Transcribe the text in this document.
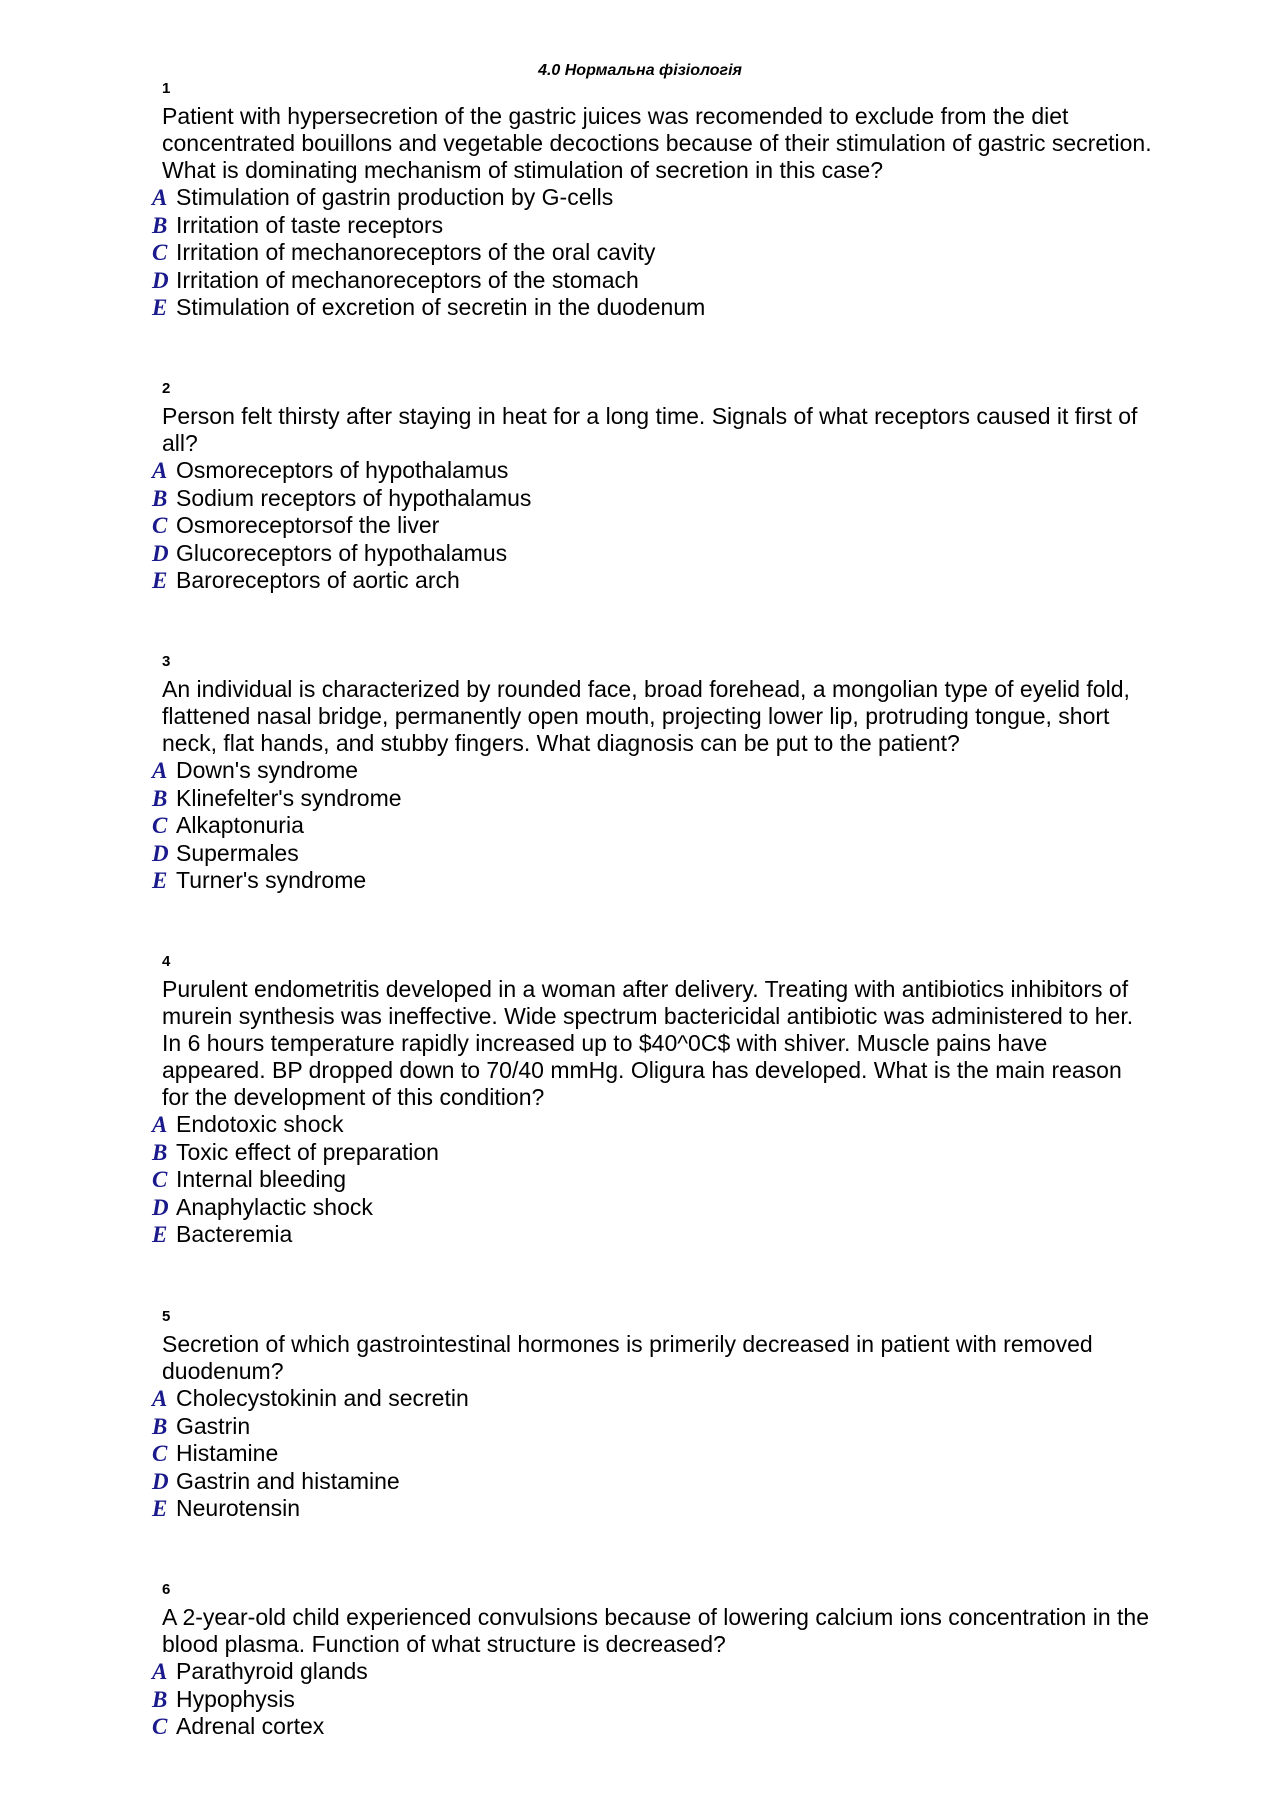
4.0 Нормальна фізіологія
1
Patient with hypersecretion of the gastric juices was recomended to exclude from the diet concentrated bouillons and vegetable decoctions because of their stimulation of gastric secretion. What is dominating mechanism of stimulation of secretion in this case?
A Stimulation of gastrin production by G-cells
B Irritation of taste receptors
C Irritation of mechanoreceptors of the oral cavity
D Irritation of mechanoreceptors of the stomach
E Stimulation of excretion of secretin in the duodenum
2
Person felt thirsty after staying in heat for a long time. Signals of what receptors caused it first of all?
A Osmoreceptors of hypothalamus
B Sodium receptors of hypothalamus
C Osmoreceptorsof the liver
D Glucoreceptors of hypothalamus
E Baroreceptors of aortic arch
3
An individual is characterized by rounded face, broad forehead, a mongolian type of eyelid fold, flattened nasal bridge, permanently open mouth, projecting lower lip, protruding tongue, short neck, flat hands, and stubby fingers. What diagnosis can be put to the patient?
A Down's syndrome
B Klinefelter's syndrome
C Alkaptonuria
D Supermales
E Turner's syndrome
4
Purulent endometritis developed in a woman after delivery. Treating with antibiotics inhibitors of murein synthesis was ineffective. Wide spectrum bactericidal antibiotic was administered to her. In 6 hours temperature rapidly increased up to $40^0C$ with shiver. Muscle pains have appeared. BP dropped down to 70/40 mmHg. Oligura has developed. What is the main reason for the development of this condition?
A Endotoxic shock
B Toxic effect of preparation
C Internal bleeding
D Anaphylactic shock
E Bacteremia
5
Secretion of which gastrointestinal hormones is primerily decreased in patient with removed duodenum?
A Cholecystokinin and secretin
B Gastrin
C Histamine
D Gastrin and histamine
E Neurotensin
6
A 2-year-old child experienced convulsions because of lowering calcium ions concentration in the blood plasma. Function of what structure is decreased?
A Parathyroid glands
B Hypophysis
C Adrenal cortex
